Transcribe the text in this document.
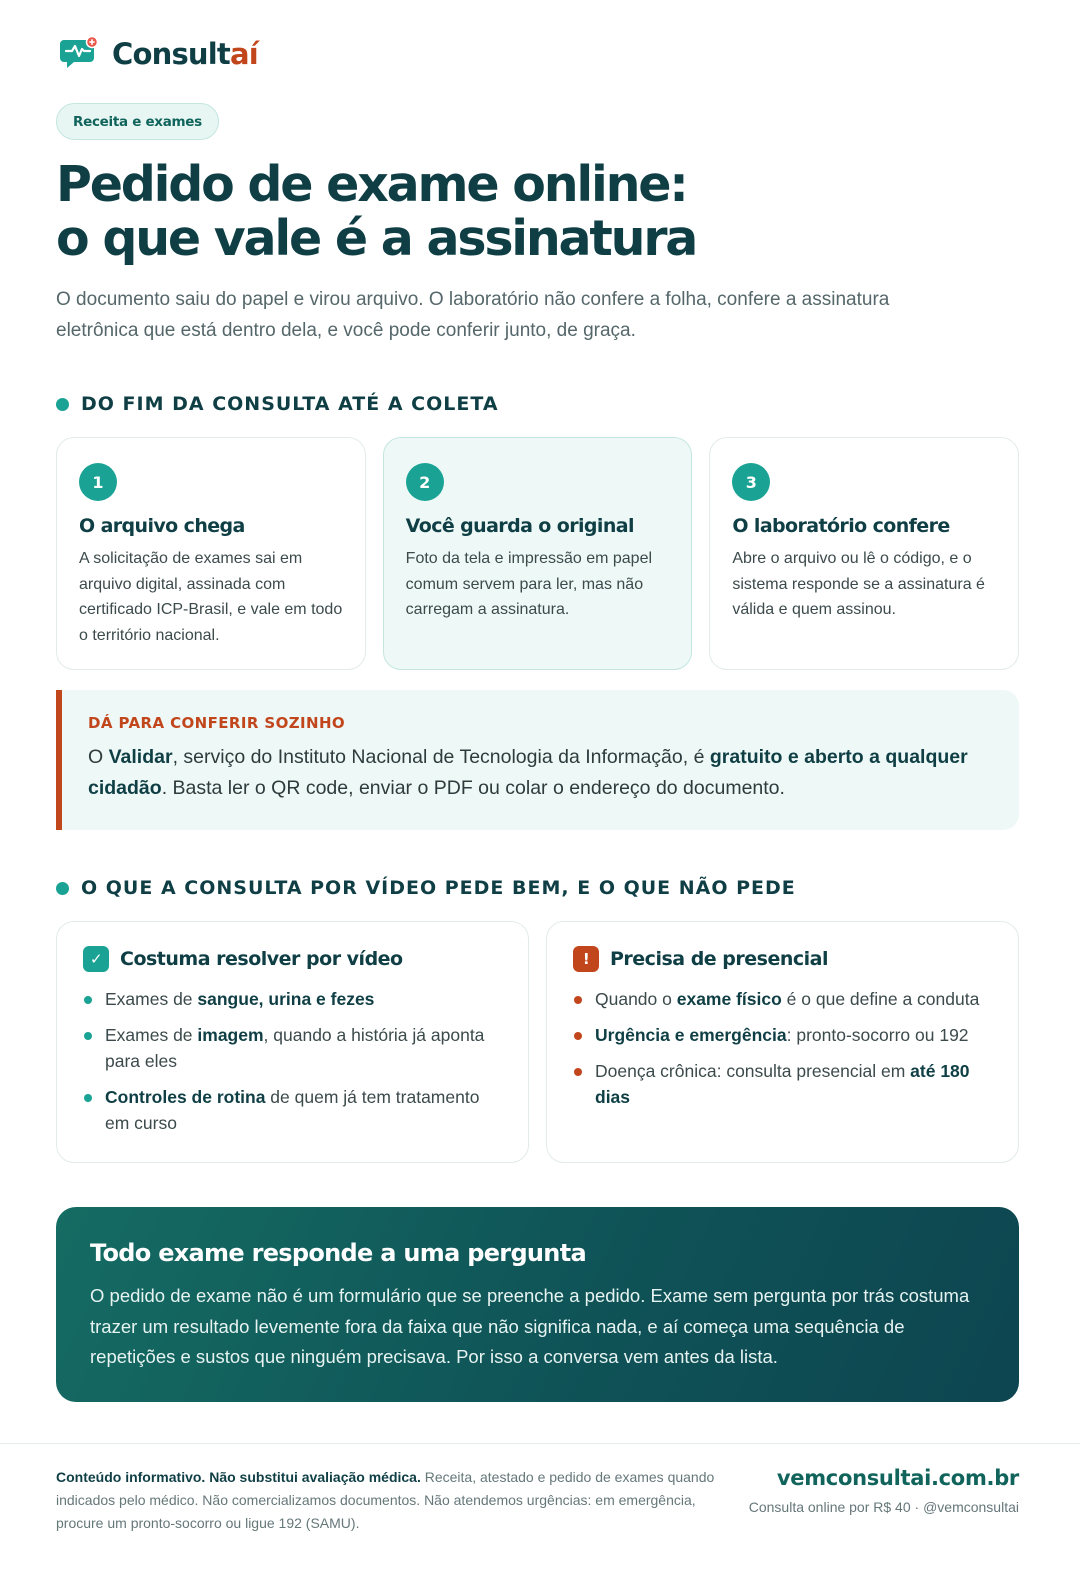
Consultaí
Receita e exames
Pedido de exame online:
o que vale é a assinatura

O documento saiu do papel e virou arquivo. O laboratório não confere a folha, confere a assinatura eletrônica que está dentro dela, e você pode conferir junto, de graça.

DO FIM DA CONSULTA ATÉ A COLETA
1
O arquivo chega

A solicitação de exames sai em arquivo digital, assinada com certificado ICP-Brasil, e vale em todo o território nacional.

2
Você guarda o original

Foto da tela e impressão em papel comum servem para ler, mas não carregam a assinatura.

3
O laboratório confere

Abre o arquivo ou lê o código, e o sistema responde se a assinatura é válida e quem assinou.

DÁ PARA CONFERIR SOZINHO

O Validar, serviço do Instituto Nacional de Tecnologia da Informação, é gratuito e aberto a qualquer cidadão. Basta ler o QR code, enviar o PDF ou colar o endereço do documento.

O QUE A CONSULTA POR VÍDEO PEDE BEM, E O QUE NÃO PEDE
✓ Costuma resolver por vídeo
Exames de sangue, urina e fezes
Exames de imagem, quando a história já aponta para eles
Controles de rotina de quem já tem tratamento em curso
!	Precisa de presencial
Quando o exame físico é o que define a conduta
Urgência e emergência: pronto-socorro ou 192
Doença crônica: consulta presencial em até 180 dias
Todo exame responde a uma pergunta

O pedido de exame não é um formulário que se preenche a pedido. Exame sem pergunta por trás costuma trazer um resultado levemente fora da faixa que não significa nada, e aí começa uma sequência de repetições e sustos que ninguém precisava. Por isso a conversa vem antes da lista.

Conteúdo informativo. Não substitui avaliação médica. Receita, atestado e pedido de exames quando indicados pelo médico. Não comercializamos documentos. Não atendemos urgências: em emergência, procure um pronto-socorro ou ligue 192 (SAMU).
vemconsultai.com.br
Consulta online por R$ 40 · @vemconsultai
